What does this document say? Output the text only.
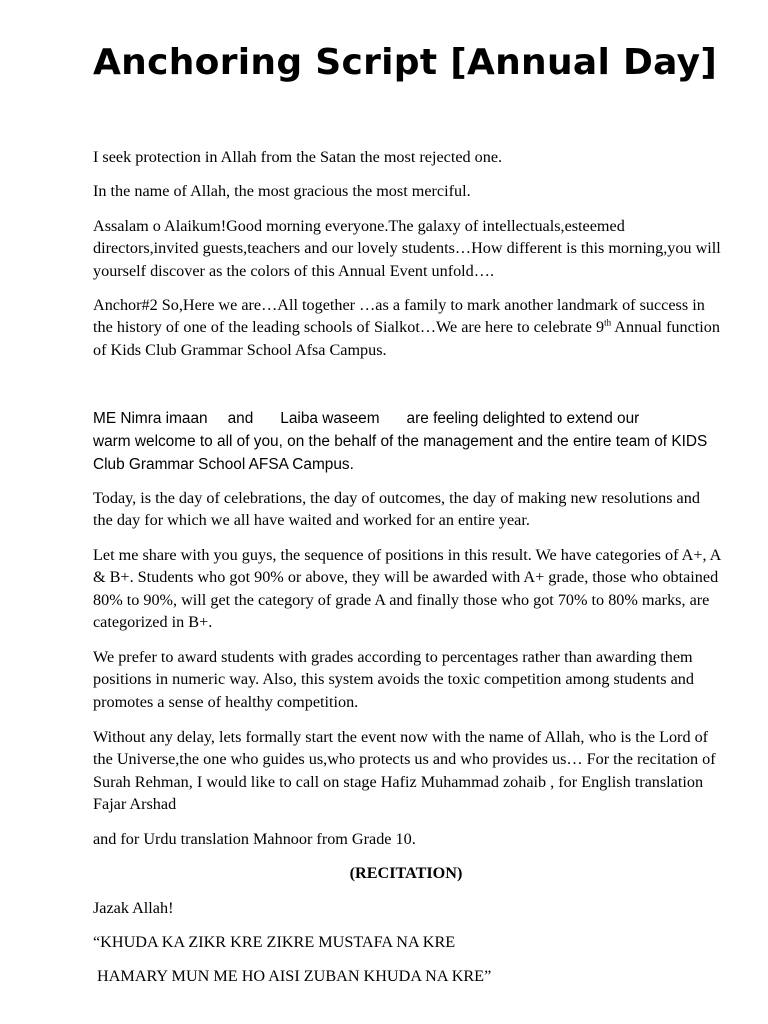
Anchoring Script [Annual Day]

I seek protection in Allah from the Satan the most rejected one.

In the name of Allah, the most gracious the most merciful.

Assalam o Alaikum!Good morning everyone.The galaxy of intellectuals,esteemed directors,invited guests,teachers and our lovely students…How different is this morning,you will yourself discover as the colors of this Annual Event unfold….

Anchor#2 So,Here we are…All together …as a family to mark another landmark of success in the history of one of the leading schools of Sialkot…We are here to celebrate 9th Annual function of Kids Club Grammar School Afsa Campus.

ME Nimra imaan and Laiba waseem are feeling delighted to extend our

warm welcome to all of you, on the behalf of the management and the entire team of KIDS Club Grammar School AFSA Campus.

Today, is the day of celebrations, the day of outcomes, the day of making new resolutions and the day for which we all have waited and worked for an entire year.

Let me share with you guys, the sequence of positions in this result. We have categories of A+, A & B+. Students who got 90% or above, they will be awarded with A+ grade, those who obtained 80% to 90%, will get the category of grade A and finally those who got 70% to 80% marks, are categorized in B+.

We prefer to award students with grades according to percentages rather than awarding them positions in numeric way. Also, this system avoids the toxic competition among students and promotes a sense of healthy competition.

Without any delay, lets formally start the event now with the name of Allah, who is the Lord of the Universe,the one who guides us,who protects us and who provides us… For the recitation of Surah Rehman, I would like to call on stage Hafiz Muhammad zohaib , for English translation Fajar Arshad

and for Urdu translation Mahnoor from Grade 10.

(RECITATION)

Jazak Allah!

“KHUDA KA ZIKR KRE ZIKRE MUSTAFA NA KRE

HAMARY MUN ME HO AISI ZUBAN KHUDA NA KRE”
